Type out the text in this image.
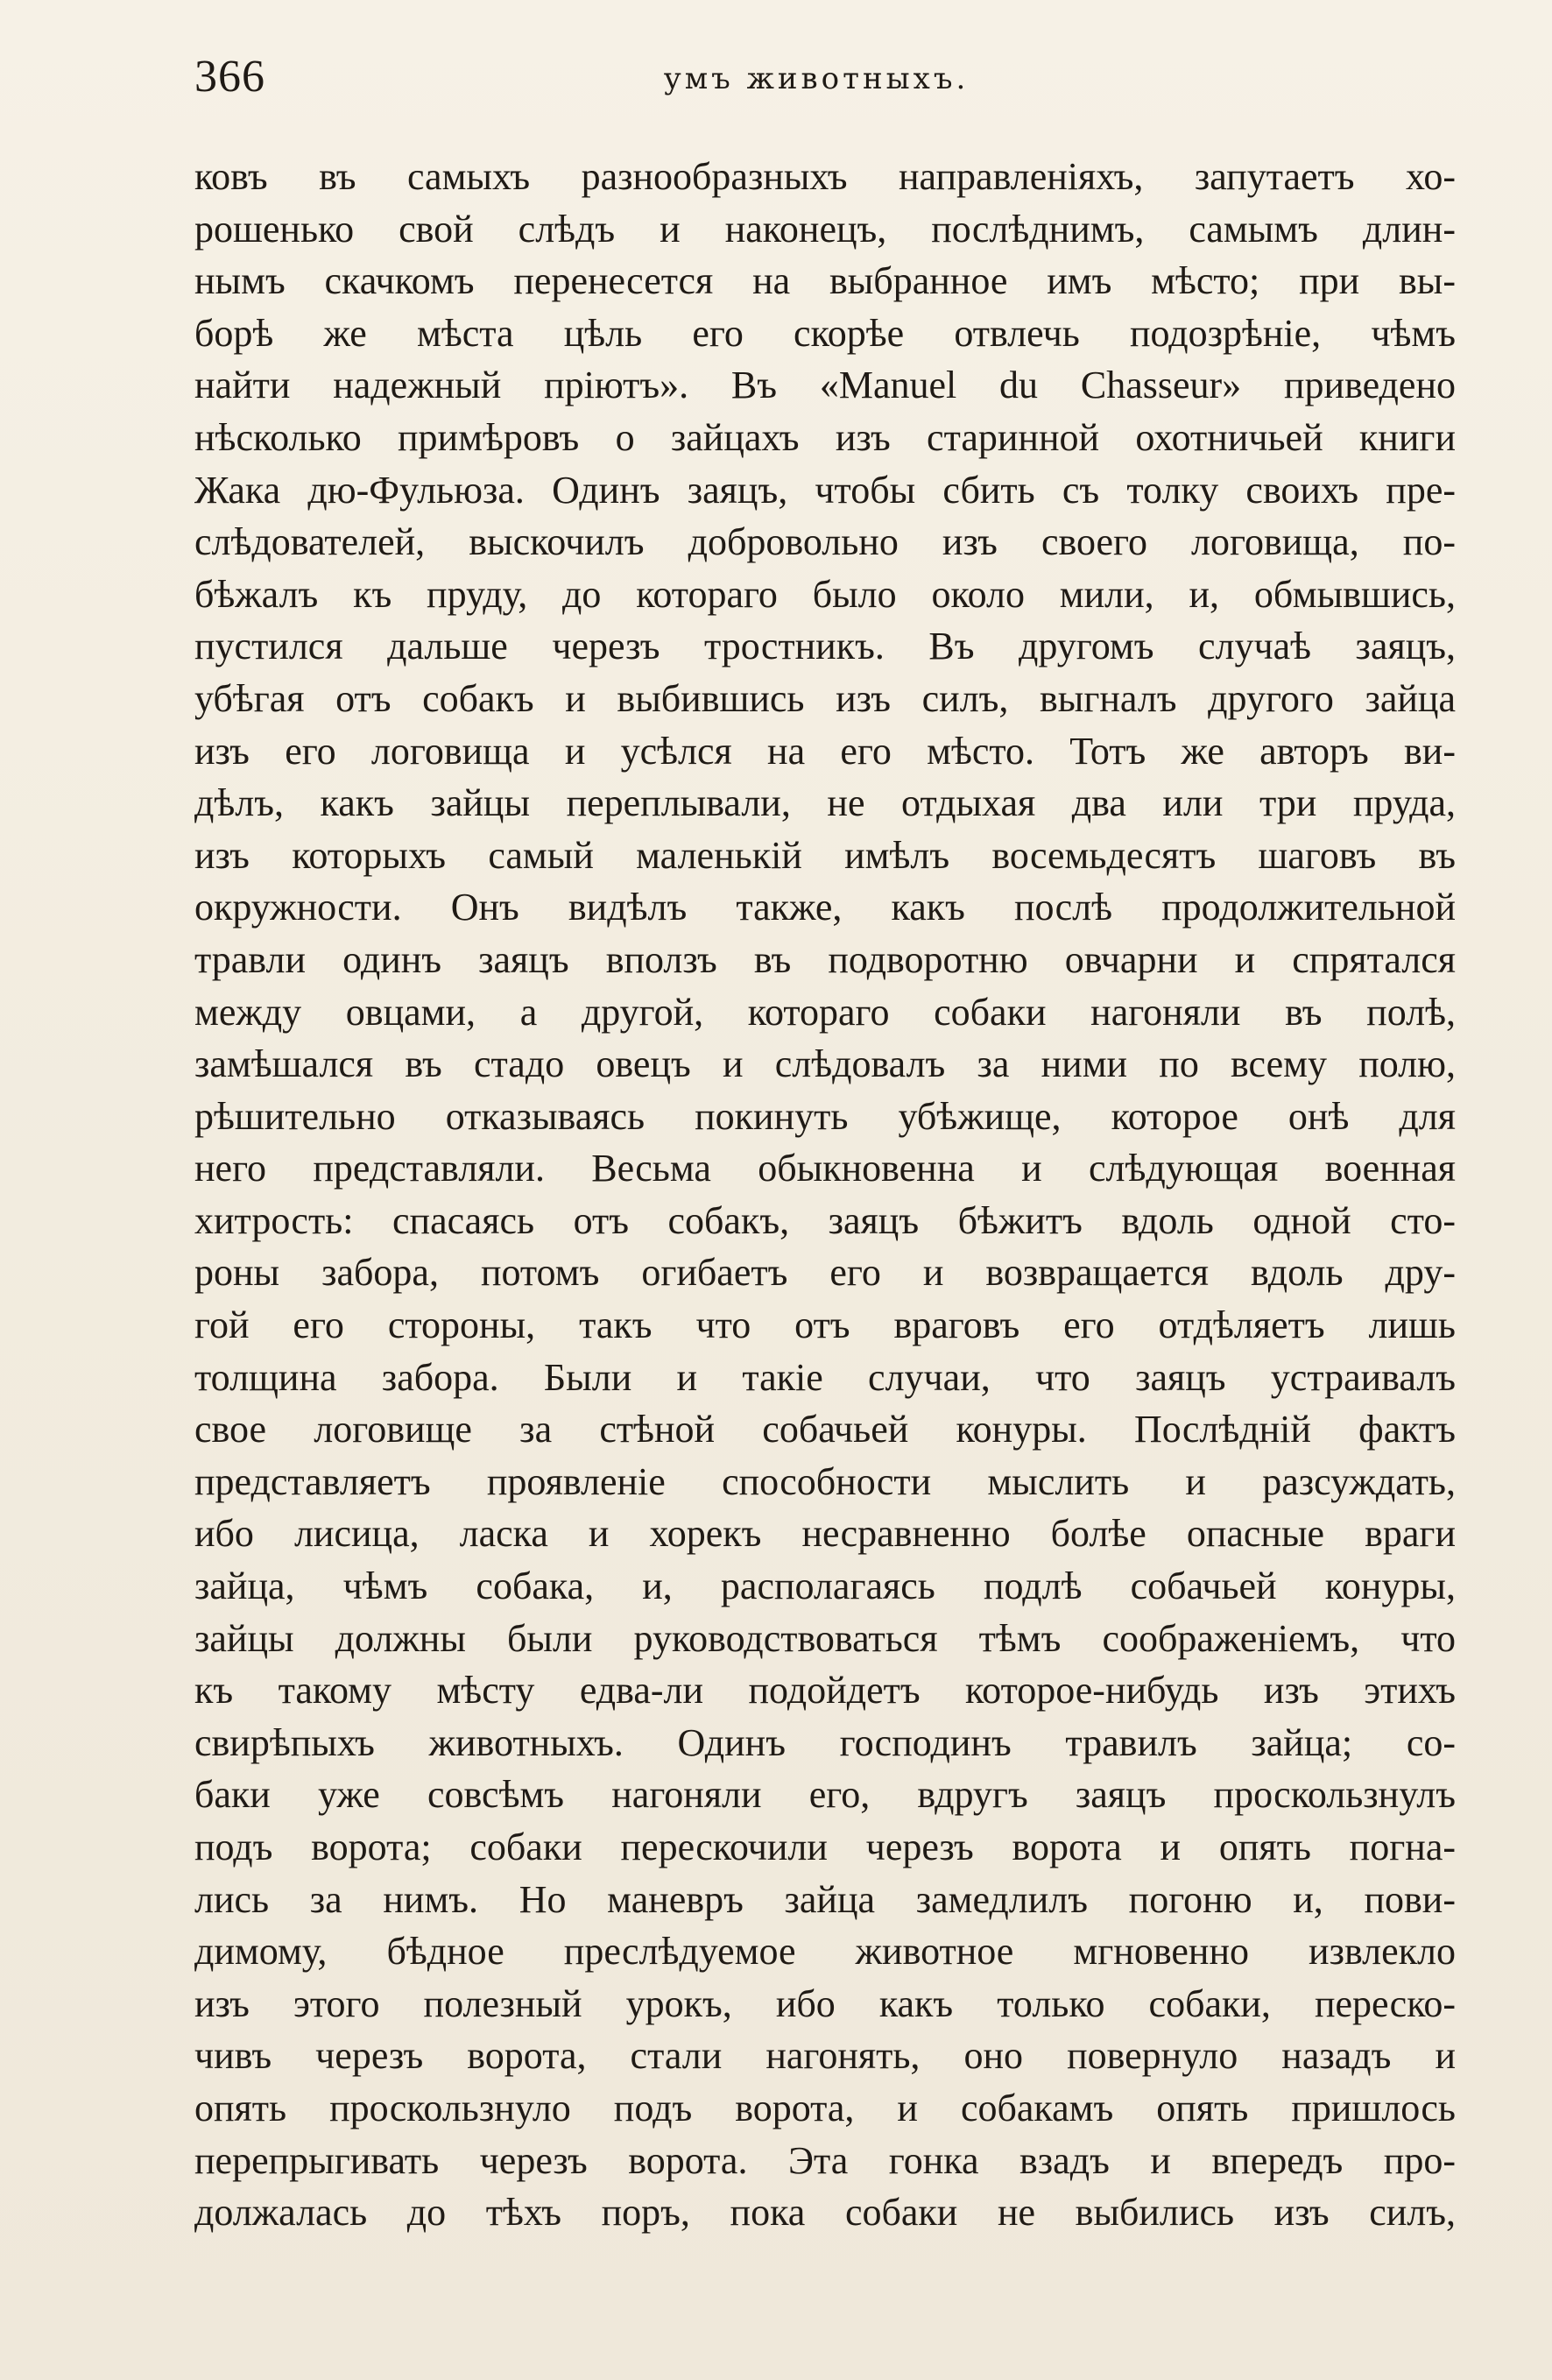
366	умъ животныхъ.
ковъ въ самыхъ разнообразныхъ направленіяхъ, запутаетъ хо-
рошенько свой слѣдъ и наконецъ, послѣднимъ, самымъ длин-
нымъ скачкомъ перенесется на выбранное имъ мѣсто; при вы-
борѣ же мѣста цѣль его скорѣе отвлечь подозрѣніе, чѣмъ
найти надежный пріютъ». Въ «Manuel du Chasseur» приведено
нѣсколько примѣровъ о зайцахъ изъ старинной охотничьей книги
Жака дю-Фульюза. Одинъ заяцъ, чтобы сбить съ толку своихъ пре-
слѣдователей, выскочилъ добровольно изъ своего логовища, по-
бѣжалъ къ пруду, до котораго было около мили, и, обмывшись,
пустился дальше черезъ тростникъ. Въ другомъ случаѣ заяцъ,
убѣгая отъ собакъ и выбившись изъ силъ, выгналъ другого зайца
изъ его логовища и усѣлся на его мѣсто. Тотъ же авторъ ви-
дѣлъ, какъ зайцы переплывали, не отдыхая два или три пруда,
изъ которыхъ самый маленькій имѣлъ восемьдесятъ шаговъ въ
окружности. Онъ видѣлъ также, какъ послѣ продолжительной
травли одинъ заяцъ вползъ въ подворотню овчарни и спрятался
между овцами, а другой, котораго собаки нагоняли въ полѣ,
замѣшался въ стадо овецъ и слѣдовалъ за ними по всему полю,
рѣшительно отказываясь покинуть убѣжище, которое онѣ для
него представляли. Весьма обыкновенна и слѣдующая военная
хитрость: спасаясь отъ собакъ, заяцъ бѣжитъ вдоль одной сто-
роны забора, потомъ огибаетъ его и возвращается вдоль дру-
гой его стороны, такъ что отъ враговъ его отдѣляетъ лишь
толщина забора. Были и такіе случаи, что заяцъ устраивалъ
свое логовище за стѣной собачьей конуры. Послѣдній фактъ
представляетъ проявленіе способности мыслить и разсуждать,
ибо лисица, ласка и хорекъ несравненно болѣе опасные враги
зайца, чѣмъ собака, и, располагаясь подлѣ собачьей конуры,
зайцы должны были руководствоваться тѣмъ соображеніемъ, что
къ такому мѣсту едва-ли подойдетъ которое-нибудь изъ этихъ
свирѣпыхъ животныхъ. Одинъ господинъ травилъ зайца; со-
баки уже совсѣмъ нагоняли его, вдругъ заяцъ проскользнулъ
подъ ворота; собаки перескочили черезъ ворота и опять погна-
лись за нимъ. Но маневръ зайца замедлилъ погоню и, пови-
димому, бѣдное преслѣдуемое животное мгновенно извлекло
изъ этого полезный урокъ, ибо какъ только собаки, переско-
чивъ черезъ ворота, стали нагонять, оно повернуло назадъ и
опять проскользнуло подъ ворота, и собакамъ опять пришлось
перепрыгивать черезъ ворота. Эта гонка взадъ и впередъ про-
должалась до тѣхъ поръ, пока собаки не выбились изъ силъ,
